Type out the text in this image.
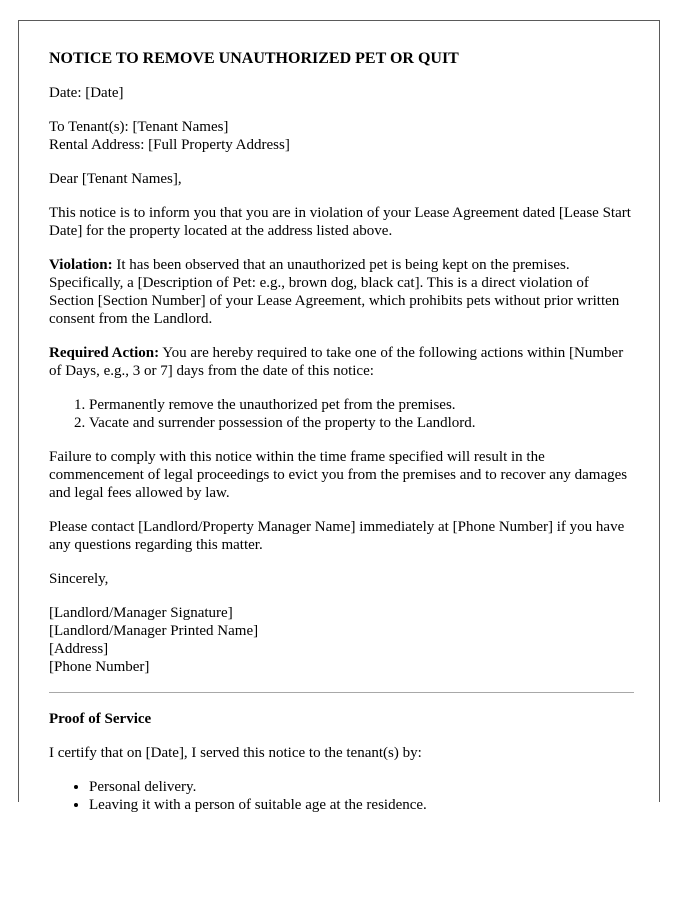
NOTICE TO REMOVE UNAUTHORIZED PET OR QUIT

Date: [Date]

To Tenant(s): [Tenant Names]
Rental Address: [Full Property Address]

Dear [Tenant Names],

This notice is to inform you that you are in violation of your Lease Agreement dated [Lease Start Date] for the property located at the address listed above.

Violation: It has been observed that an unauthorized pet is being kept on the premises. Specifically, a [Description of Pet: e.g., brown dog, black cat]. This is a direct violation of Section [Section Number] of your Lease Agreement, which prohibits pets without prior written consent from the Landlord.

Required Action: You are hereby required to take one of the following actions within [Number of Days, e.g., 3 or 7] days from the date of this notice:

1. Permanently remove the unauthorized pet from the premises.
2. Vacate and surrender possession of the property to the Landlord.

Failure to comply with this notice within the time frame specified will result in the commencement of legal proceedings to evict you from the premises and to recover any damages and legal fees allowed by law.

Please contact [Landlord/Property Manager Name] immediately at [Phone Number] if you have any questions regarding this matter.

Sincerely,

[Landlord/Manager Signature]
[Landlord/Manager Printed Name]
[Address]
[Phone Number]

Proof of Service

I certify that on [Date], I served this notice to the tenant(s) by:

• Personal delivery.
• Leaving it with a person of suitable age at the residence.
